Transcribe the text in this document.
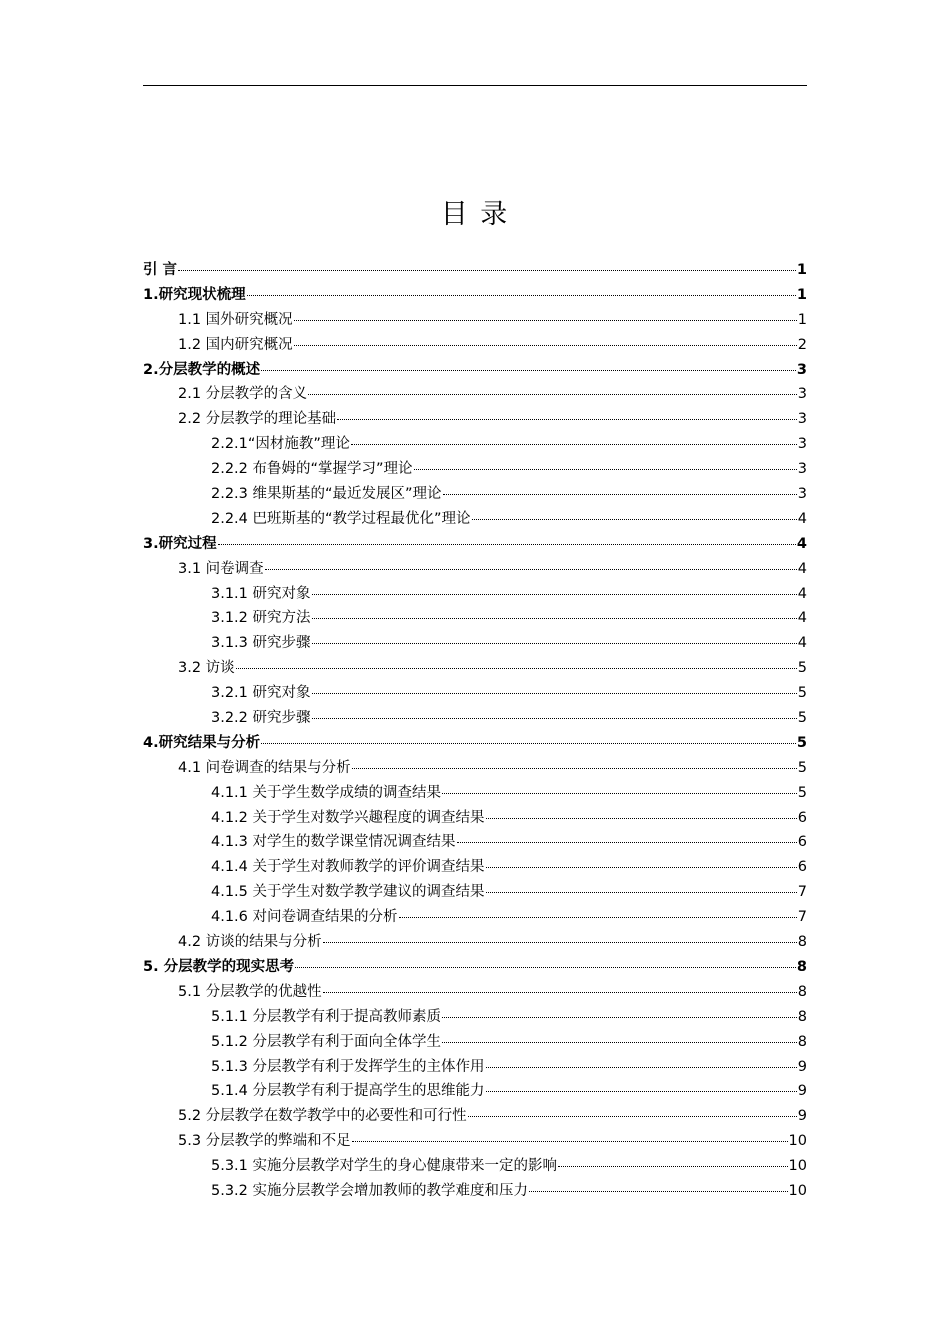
目 录
引 言	1
1.研究现状梳理	1
1.1 国外研究概况	1
1.2 国内研究概况	2
2.分层教学的概述	3
2.1 分层教学的含义	3
2.2 分层教学的理论基础	3
2.2.1“因材施教”理论	3
2.2.2 布鲁姆的“掌握学习”理论	3
2.2.3 维果斯基的“最近发展区”理论	3
2.2.4 巴班斯基的“教学过程最优化”理论	4
3.研究过程	4
3.1 问卷调查	4
3.1.1 研究对象	4
3.1.2 研究方法	4
3.1.3 研究步骤	4
3.2 访谈	5
3.2.1 研究对象	5
3.2.2 研究步骤	5
4.研究结果与分析	5
4.1 问卷调查的结果与分析	5
4.1.1 关于学生数学成绩的调查结果	5
4.1.2 关于学生对数学兴趣程度的调查结果	6
4.1.3 对学生的数学课堂情况调查结果	6
4.1.4 关于学生对教师教学的评价调查结果	6
4.1.5 关于学生对数学教学建议的调查结果	7
4.1.6 对问卷调查结果的分析	7
4.2 访谈的结果与分析	8
5. 分层教学的现实思考	8
5.1 分层教学的优越性	8
5.1.1 分层教学有利于提高教师素质	8
5.1.2 分层教学有利于面向全体学生	8
5.1.3 分层教学有利于发挥学生的主体作用	9
5.1.4 分层教学有利于提高学生的思维能力	9
5.2 分层教学在数学教学中的必要性和可行性	9
5.3 分层教学的弊端和不足	10
5.3.1 实施分层教学对学生的身心健康带来一定的影响	10
5.3.2 实施分层教学会增加教师的教学难度和压力	10
